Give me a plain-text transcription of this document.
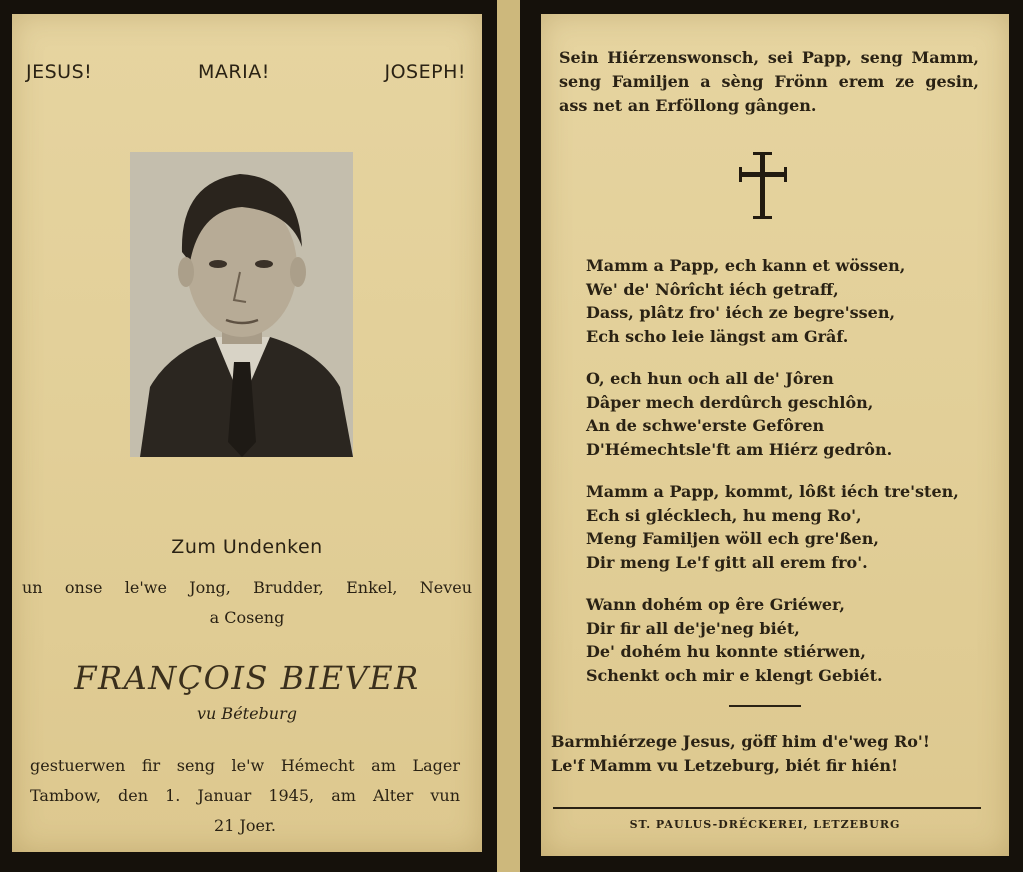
JESUS!	MARIA!	JOSEPH!
Zum Undenken
un onse le'we Jong, Brudder, Enkel, Neveu
a Coseng
FRANÇOIS BIEVER
vu Béteburg
gestuerwen fir seng le'w Hémecht am Lager
Tambow, den 1. Januar 1945, am Alter vun
21 Joer.
Sein Hiérzenswonsch, sei Papp, seng Mamm,
seng Familjen a sèng Frönn erem ze gesin,
ass net an Erföllong gângen.
Mamm a Papp, ech kann et wössen,
We' de' Nôrîcht iéch getraff,
Dass, plâtz fro' iéch ze begre'ssen,
Ech scho leie längst am Grâf.
O, ech hun och all de' Jôren
Dâper mech derdûrch geschlôn,
An de schwe'erste Gefôren
D'Hémechtsle'ft am Hiérz gedrôn.
Mamm a Papp, kommt, lôßt iéch tre'sten,
Ech si glécklech, hu meng Ro',
Meng Familjen wöll ech gre'ßen,
Dir meng Le'f gitt all erem fro'.
Wann dohém op êre Griéwer,
Dir fir all de'je'neg biét,
De' dohém hu konnte stiérwen,
Schenkt och mir e klengt Gebiét.
Barmhiérzege Jesus, göff him d'e'weg Ro'!
Le'f Mamm vu Letzeburg, biét fir hién!
ST. PAULUS-DRÉCKEREI, LETZEBURG
